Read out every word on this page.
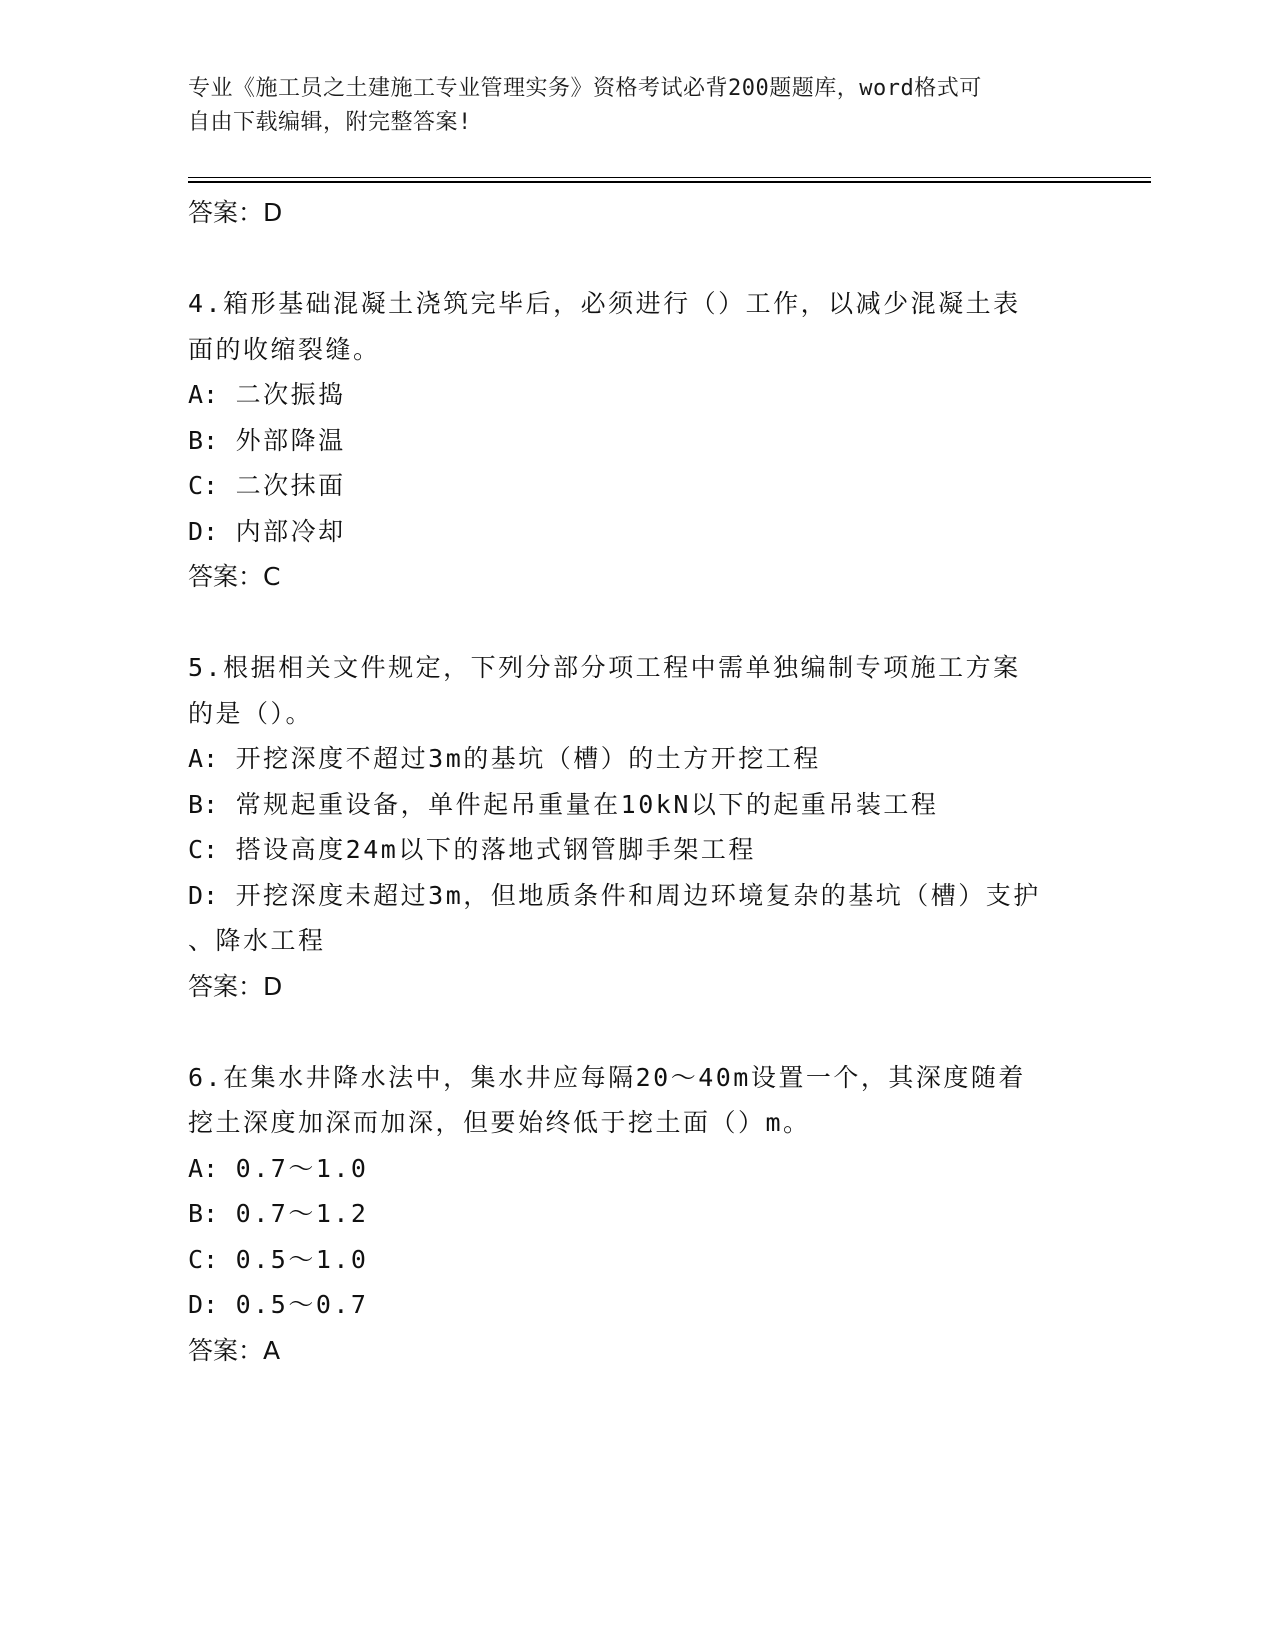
专业《施工员之土建施工专业管理实务》资格考试必背200题题库，word格式可
自由下载编辑，附完整答案!
答案：D
4.箱形基础混凝土浇筑完毕后，必须进行（）工作，以减少混凝土表
面的收缩裂缝。
A: 二次振捣
B: 外部降温
C: 二次抹面
D: 内部冷却
答案：C
5.根据相关文件规定，下列分部分项工程中需单独编制专项施工方案
的是（）。
A: 开挖深度不超过3m的基坑（槽）的土方开挖工程
B: 常规起重设备，单件起吊重量在10kN以下的起重吊装工程
C: 搭设高度24m以下的落地式钢管脚手架工程
D: 开挖深度未超过3m，但地质条件和周边环境复杂的基坑（槽）支护
、降水工程
答案：D
6.在集水井降水法中，集水井应每隔20～40m设置一个，其深度随着
挖土深度加深而加深，但要始终低于挖土面（）m。
A: 0.7～1.0
B: 0.7～1.2
C: 0.5～1.0
D: 0.5～0.7
答案：A
